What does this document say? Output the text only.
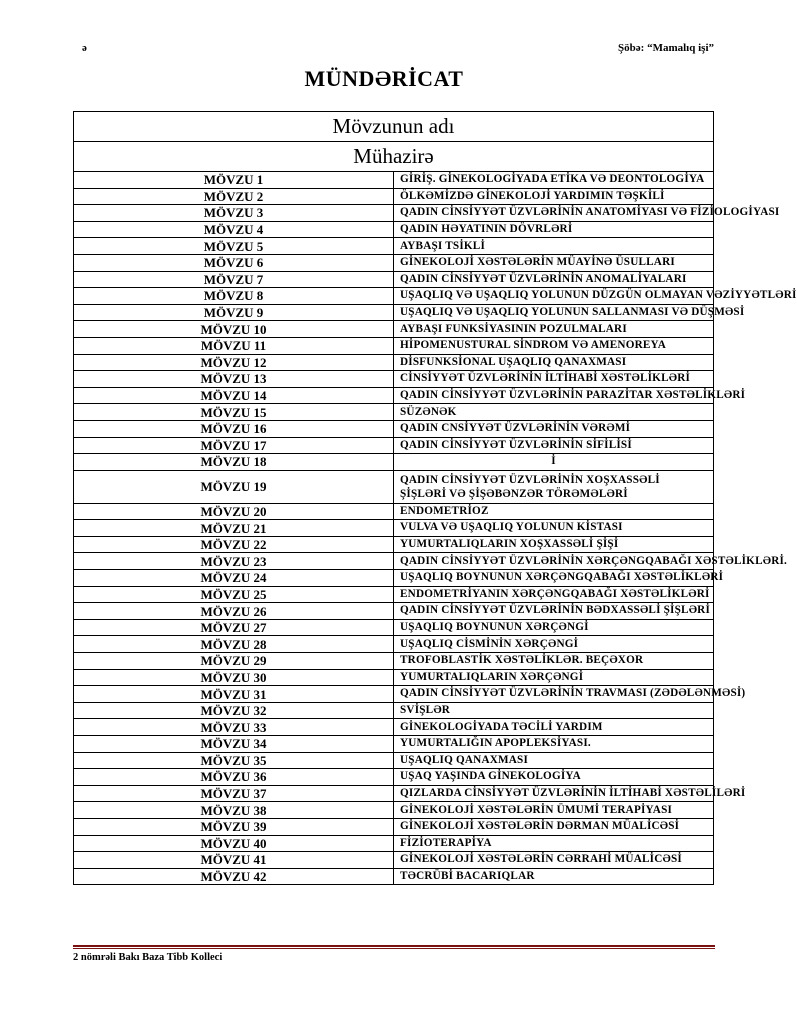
ə	Şöbə: “Mamalıq işi”
MÜNDƏRİCAT
Mövzunun adı	
Mühazirə	
MÖVZU 1	GİRİŞ. GİNEKOLOGİYADA ETİKA VƏ DEONTOLOGİYA
MÖVZU 2	ÖLKƏMİZDƏ GİNEKOLOJİ YARDIMIN TƏŞKİLİ
MÖVZU 3	QADIN CİNSİYYƏT ÜZVLƏRİNİN ANATOMİYASI VƏ FİZİOLOGİYASI
MÖVZU 4	QADIN HƏYATININ DÖVRLƏRİ
MÖVZU 5	AYBAŞI TSİKLİ
MÖVZU 6	GİNEKOLOJİ XƏSTƏLƏRİN MÜAYİNƏ ÜSULLARI
MÖVZU 7	QADIN CİNSİYYƏT ÜZVLƏRİNİN ANOMALİYALARI
MÖVZU 8	UŞAQLIQ VƏ UŞAQLIQ YOLUNUN DÜZGÜN OLMAYAN VƏZİYYƏTLƏRİ
MÖVZU 9	UŞAQLIQ VƏ UŞAQLIQ YOLUNUN SALLANMASI VƏ DÜŞMƏSİ
MÖVZU 10	AYBAŞI FUNKSİYASININ POZULMALARI
MÖVZU 11	HİPOMENUSTURAL SİNDROM VƏ AMENOREYA
MÖVZU 12	DİSFUNKSİONAL UŞAQLIQ QANAXMASI
MÖVZU 13	CİNSİYYƏT ÜZVLƏRİNİN İLTİHABİ XƏSTƏLİKLƏRİ
MÖVZU 14	QADIN CİNSİYYƏT ÜZVLƏRİNİN PARAZİTAR XƏSTƏLİKLƏRİ
MÖVZU 15	SÜZƏNƏK
MÖVZU 16	QADIN CNSİYYƏT ÜZVLƏRİNİN VƏRƏMİ
MÖVZU 17	QADIN CİNSİYYƏT ÜZVLƏRİNİN SİFİLİSİ
MÖVZU 18	İ
MÖVZU 19	QADIN CİNSİYYƏT ÜZVLƏRİNİN XOŞXASSƏLİ ŞİŞLƏRİ VƏ ŞİŞƏBƏNZƏR TÖRƏMƏLƏRİ
MÖVZU 20	ENDOMETRİOZ
MÖVZU 21	VULVA VƏ UŞAQLIQ YOLUNUN KİSTASI
MÖVZU 22	YUMURTALIQLARIN XOŞXASSƏLİ ŞİŞİ
MÖVZU 23	QADIN CİNSİYYƏT ÜZVLƏRİNİN XƏRÇƏNGQABAĞI XƏSTƏLİKLƏRİ.
MÖVZU 24	UŞAQLIQ BOYNUNUN XƏRÇƏNGQABAĞI XƏSTƏLİKLƏRİ
MÖVZU 25	ENDOMETRİYANIN XƏRÇƏNGQABAĞI XƏSTƏLİKLƏRİ
MÖVZU 26	QADIN CİNSİYYƏT ÜZVLƏRİNİN BƏDXASSƏLİ ŞİŞLƏRİ
MÖVZU 27	UŞAQLIQ BOYNUNUN XƏRÇƏNGİ
MÖVZU 28	UŞAQLIQ CİSMİNİN XƏRÇƏNGİ
MÖVZU 29	TROFOBLASTİK XƏSTƏLİKLƏR. BEÇƏXOR
MÖVZU 30	YUMURTALIQLARIN XƏRÇƏNGİ
MÖVZU 31	QADIN CİNSİYYƏT ÜZVLƏRİNİN TRAVMASI (ZƏDƏLƏNMƏSİ)
MÖVZU 32	SVİŞLƏR
MÖVZU 33	GİNEKOLOGİYADA TƏCİLİ YARDIM
MÖVZU 34	YUMURTALIĞIN APOPLEKSİYASI.
MÖVZU 35	UŞAQLIQ QANAXMASI
MÖVZU 36	UŞAQ YAŞINDA GİNEKOLOGİYA
MÖVZU 37	QIZLARDA CİNSİYYƏT ÜZVLƏRİNİN İLTİHABİ XƏSTƏLİLƏRİ
MÖVZU 38	GİNEKOLOJİ XƏSTƏLƏRİN ÜMUMİ TERAPİYASI
MÖVZU 39	GİNEKOLOJİ XƏSTƏLƏRİN DƏRMAN MÜALİCƏSİ
MÖVZU 40	FİZİOTERAPİYA
MÖVZU 41	GİNEKOLOJİ XƏSTƏLƏRİN CƏRRAHİ MÜALİCƏSİ
MÖVZU 42	TƏCRÜBİ BACARIQLAR
2 nömrəli Bakı Baza Tibb Kolleci
